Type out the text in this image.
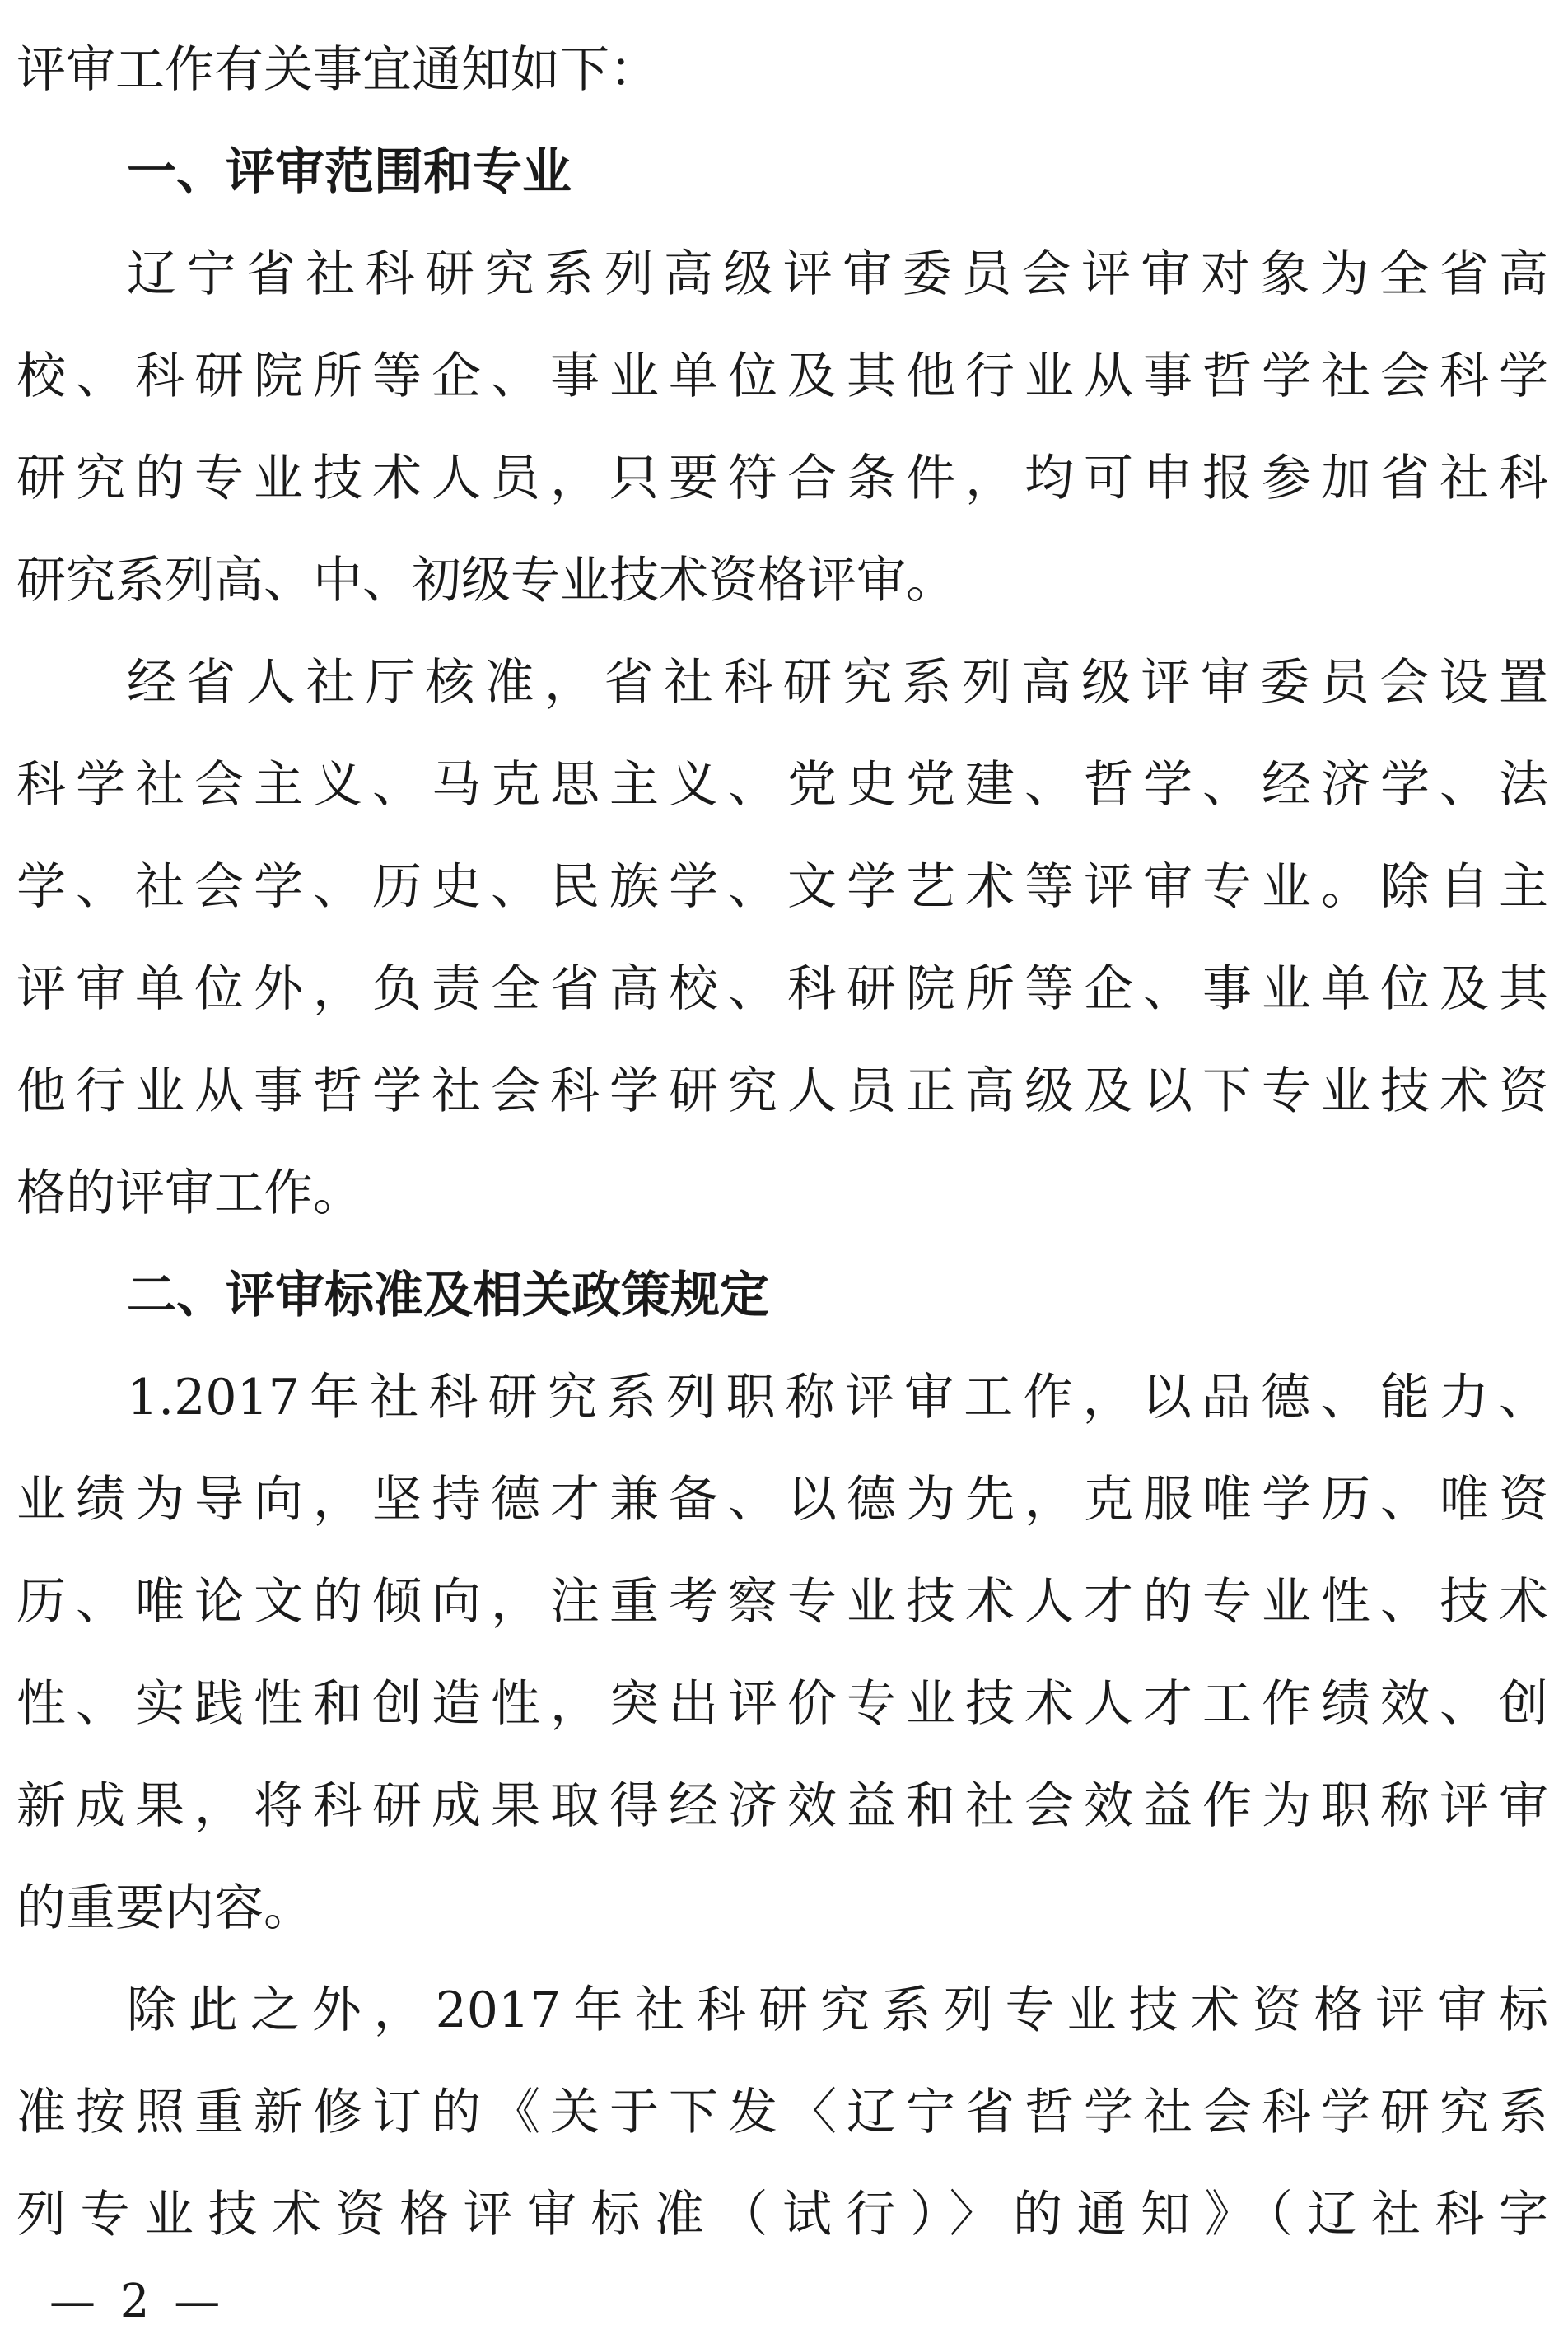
评审工作有关事宜通知如下：
一、评审范围和专业
辽宁省社科研究系列高级评审委员会评审对象为全省高
校、科研院所等企、事业单位及其他行业从事哲学社会科学
研究的专业技术人员，只要符合条件，均可申报参加省社科
研究系列高、中、初级专业技术资格评审。
经省人社厅核准，省社科研究系列高级评审委员会设置
科学社会主义、马克思主义、党史党建、哲学、经济学、法
学、社会学、历史、民族学、文学艺术等评审专业。除自主
评审单位外，负责全省高校、科研院所等企、事业单位及其
他行业从事哲学社会科学研究人员正高级及以下专业技术资
格的评审工作。
二、评审标准及相关政策规定
1.2017年社科研究系列职称评审工作，以品德、能力、
业绩为导向，坚持德才兼备、以德为先，克服唯学历、唯资
历、唯论文的倾向，注重考察专业技术人才的专业性、技术
性、实践性和创造性，突出评价专业技术人才工作绩效、创
新成果，将科研成果取得经济效益和社会效益作为职称评审
的重要内容。
除此之外，2017年社科研究系列专业技术资格评审标
准按照重新修订的《关于下发〈辽宁省哲学社会科学研究系
列专业技术资格评审标准（试行）〉的通知》（辽社科字
— 2 —
